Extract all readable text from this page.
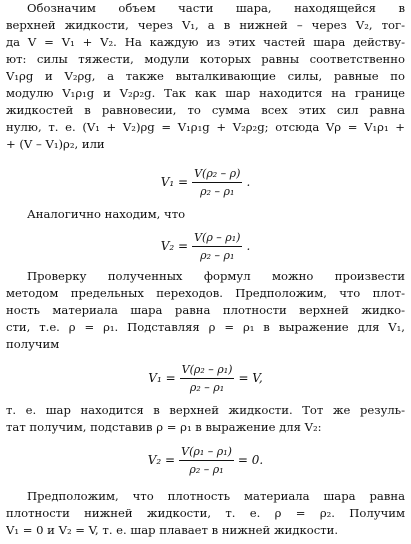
Обозначим объем части шара, находящейся в
верхней жидкости, через V₁, а в нижней – через V₂, тог-
да V = V₁ + V₂. На каждую из этих частей шара действу-
ют: силы тяжести, модули которых равны соответственно
V₁ρg и V₂ρg, а также выталкивающие силы, равные по
модулю V₁ρ₁g и V₂ρ₂g. Так как шар находится на границе
жидкостей в равновесии, то сумма всех этих сил равна
нулю, т. е. (V₁ + V₂)ρg = V₁ρ₁g + V₂ρ₂g; отсюда Vρ = V₁ρ₁ +
+ (V – V₁)ρ₂, или
$V_1 = \frac{\text{V(ρ₂ – ρ)}}{\text{ρ₂ – ρ₁}}$ .
Аналогично находим, что
$V_2 = \frac{\text{V(ρ – ρ₁)}}{\text{ρ₂ – ρ₁}}$ .
Проверку полученных формул можно произвести
методом предельных переходов. Предположим, что плот-
ность материала шара равна плотности верхней жидко-
сти, т.е. ρ = ρ₁. Подставляя ρ = ρ₁ в выражение для V₁,
получим
$V_1 = \frac{\text{V(ρ₂ – ρ₁)}}{\text{ρ₂ – ρ₁}} = V$,
т. е. шар находится в верхней жидкости. Тот же резуль-
тат получим, подставив ρ = ρ₁ в выражение для V₂:
$V_2 = \frac{\text{V(ρ₁ – ρ₁)}}{\text{ρ₂ – ρ₁}} = 0$.
Предположим, что плотность материала шара равна
плотности нижней жидкости, т. е. ρ = ρ₂. Получим
V₁ = 0 и V₂ = V, т. е. шар плавает в нижней жидкости.
